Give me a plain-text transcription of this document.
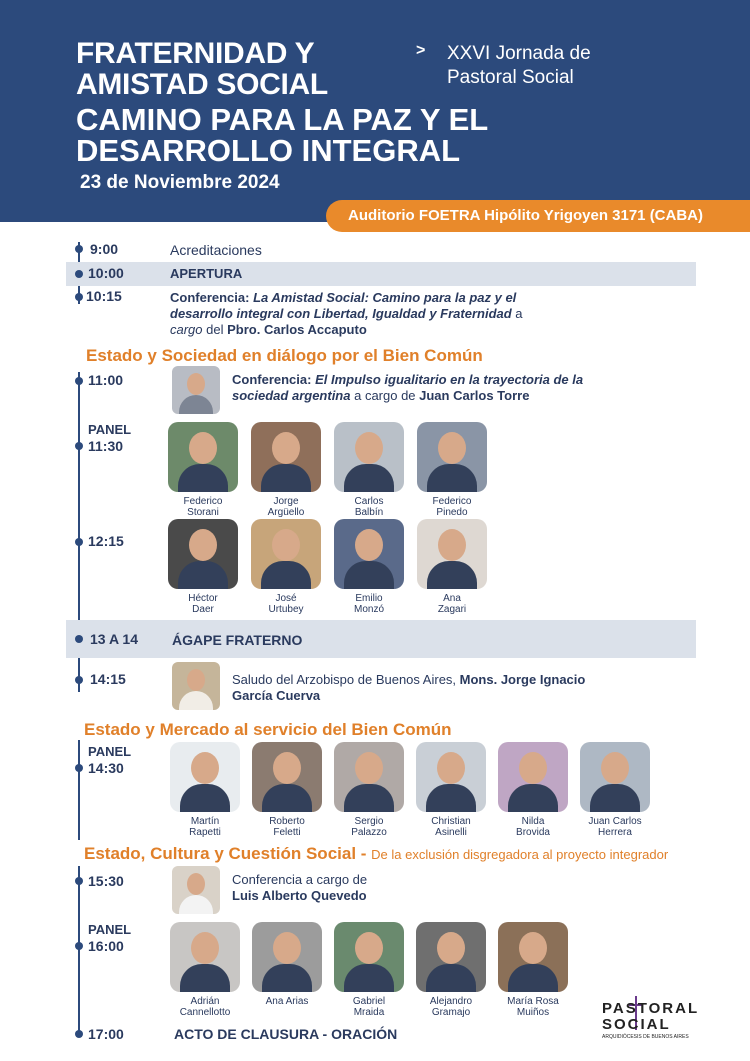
FRATERNIDAD Y
AMISTAD SOCIAL
CAMINO PARA LA PAZ Y EL
DESARROLLO INTEGRAL
23 de Noviembre 2024
> XXVI Jornada de
Pastoral Social
Auditorio FOETRA Hipólito Yrigoyen 3171 (CABA)
9:00	Acreditaciones
10:00	APERTURA
10:15	Conferencia: La Amistad Social: Camino para la paz y el
desarrollo integral con Libertad, Igualdad y Fraternidad a
cargo del Pbro. Carlos Accaputo
Estado y Sociedad en diálogo por el Bien Común
11:00	Conferencia: El Impulso igualitario en la trayectoria de la
sociedad argentina a cargo de Juan Carlos Torre
PANEL
11:30
Federico
Storani
Jorge
Argüello
Carlos
Balbín
Federico
Pinedo
12:15
Héctor
Daer
José
Urtubey
Emilio
Monzó
Ana
Zagari
13 A 14 ÁGAPE FRATERNO
14:15	Saludo del Arzobispo de Buenos Aires, Mons. Jorge Ignacio
García Cuerva
Estado y Mercado al servicio del Bien Común
PANEL
14:30
Martín
Rapetti
Roberto
Feletti
Sergio
Palazzo
Christian
Asinelli
Nilda
Brovida
Juan Carlos
Herrera
Estado, Cultura y Cuestión Social - De la exclusión disgregadora al proyecto integrador
15:30	Conferencia a cargo de
Luis Alberto Quevedo
PANEL
16:00
Adrián
Cannellotto
Ana Arias	Gabriel
Mraida
Alejandro
Gramajo
María Rosa
Muiños
17:00	ACTO DE CLAUSURA - ORACIÓN
PASTORAL
SOCIAL
ARQUIDIÓCESIS DE BUENOS AIRES
